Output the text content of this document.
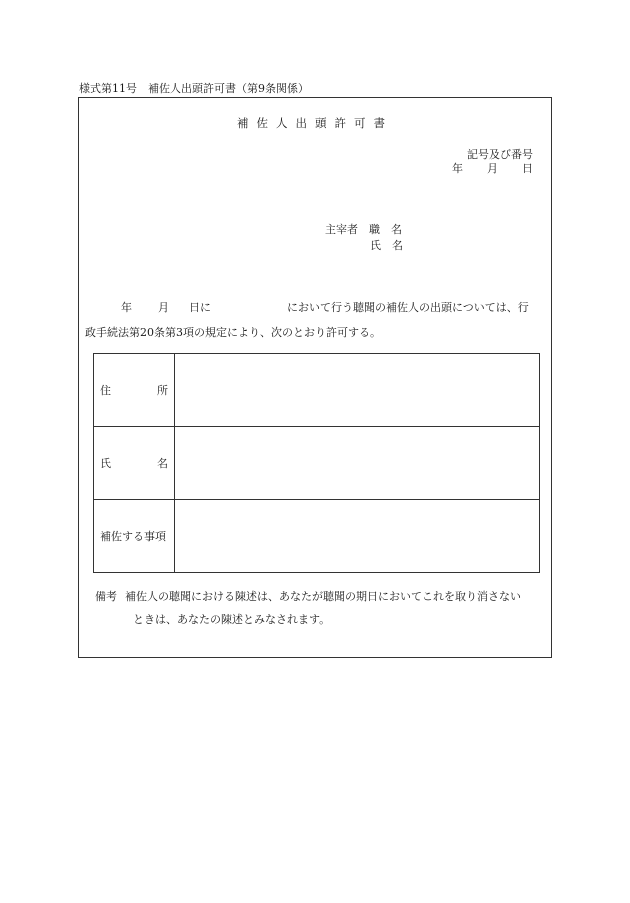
様式第11号　補佐人出頭許可書（第9条関係）
補佐人出頭許可書
記号及び番号
年 月 日
主宰者　職　名
氏　名
年 月 日に	において行う聴聞の補佐人の出頭については、行
政手続法第20条第3項の規定により、次のとおり許可する。
住 所	

氏 名	

補佐する事項	
備考 補佐人の聴聞における陳述は、あなたが聴聞の期日においてこれを取り消さない
ときは、あなたの陳述とみなされます。
